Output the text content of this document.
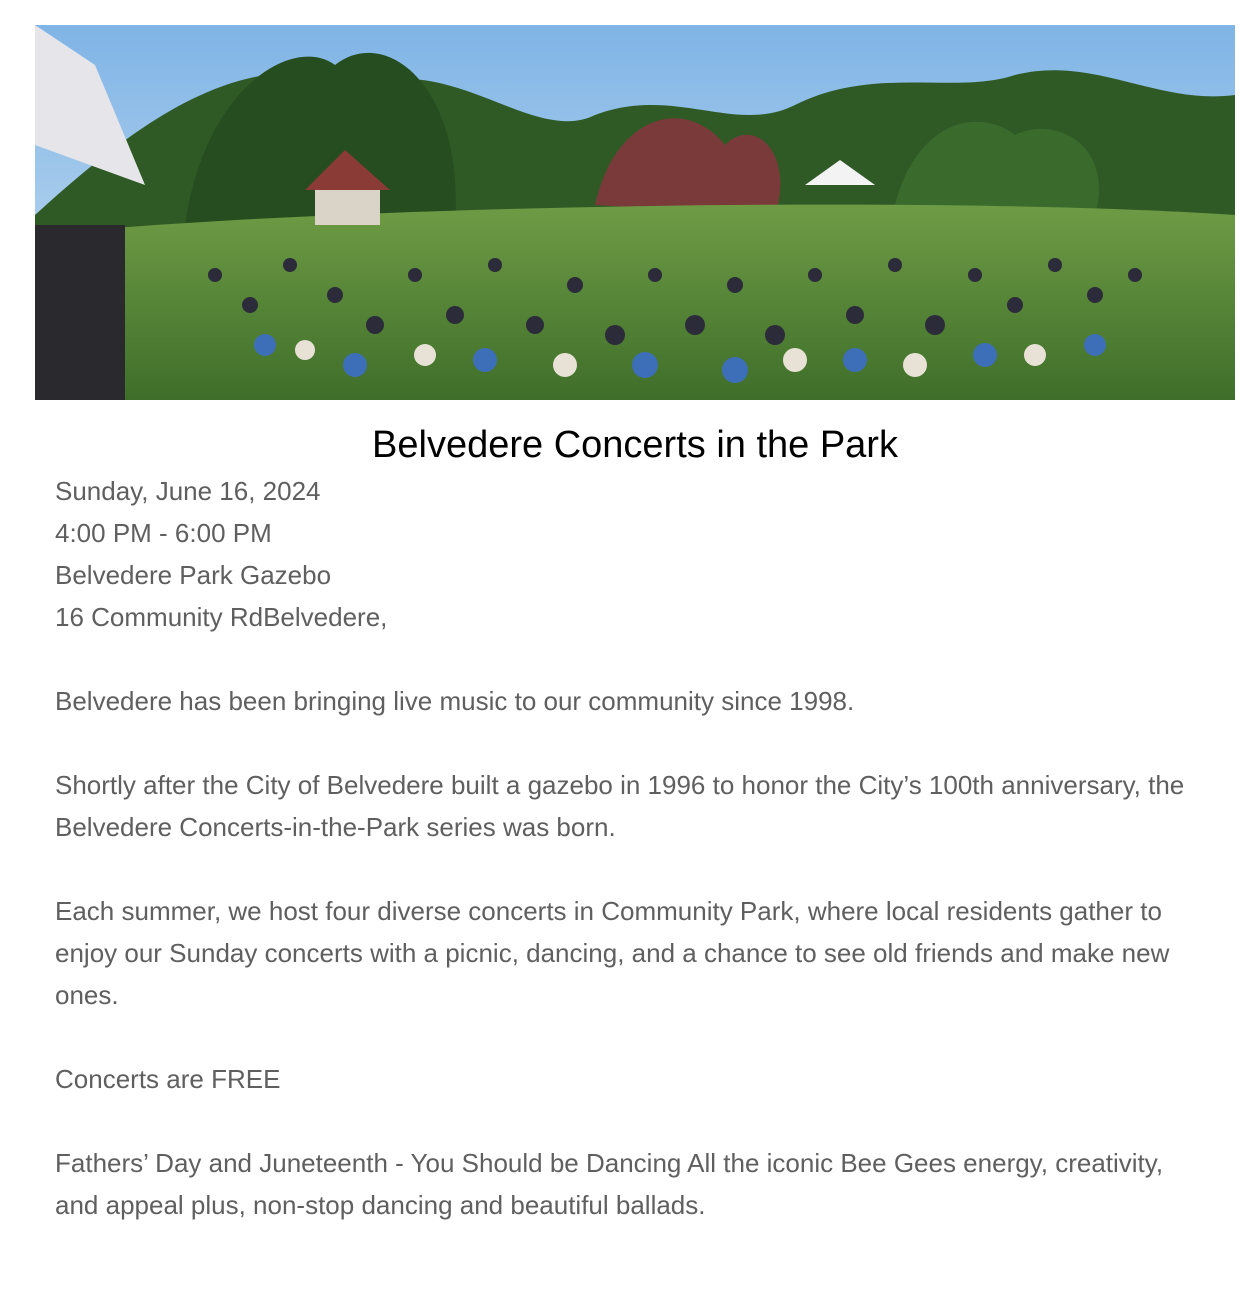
Belvedere Concerts in the Park

Sunday, June 16, 2024
4:00 PM - 6:00 PM
Belvedere Park Gazebo
16 Community RdBelvedere,

Belvedere has been bringing live music to our community since 1998.

Shortly after the City of Belvedere built a gazebo in 1996 to honor the City’s 100th anniversary, the Belvedere Concerts-in-the-Park series was born.

Each summer, we host four diverse concerts in Community Park, where local residents gather to enjoy our Sunday concerts with a picnic, dancing, and a chance to see old friends and make new ones.

Concerts are FREE

Fathers’ Day and Juneteenth - You Should be Dancing All the iconic Bee Gees energy, creativity, and appeal plus, non-stop dancing and beautiful ballads.
